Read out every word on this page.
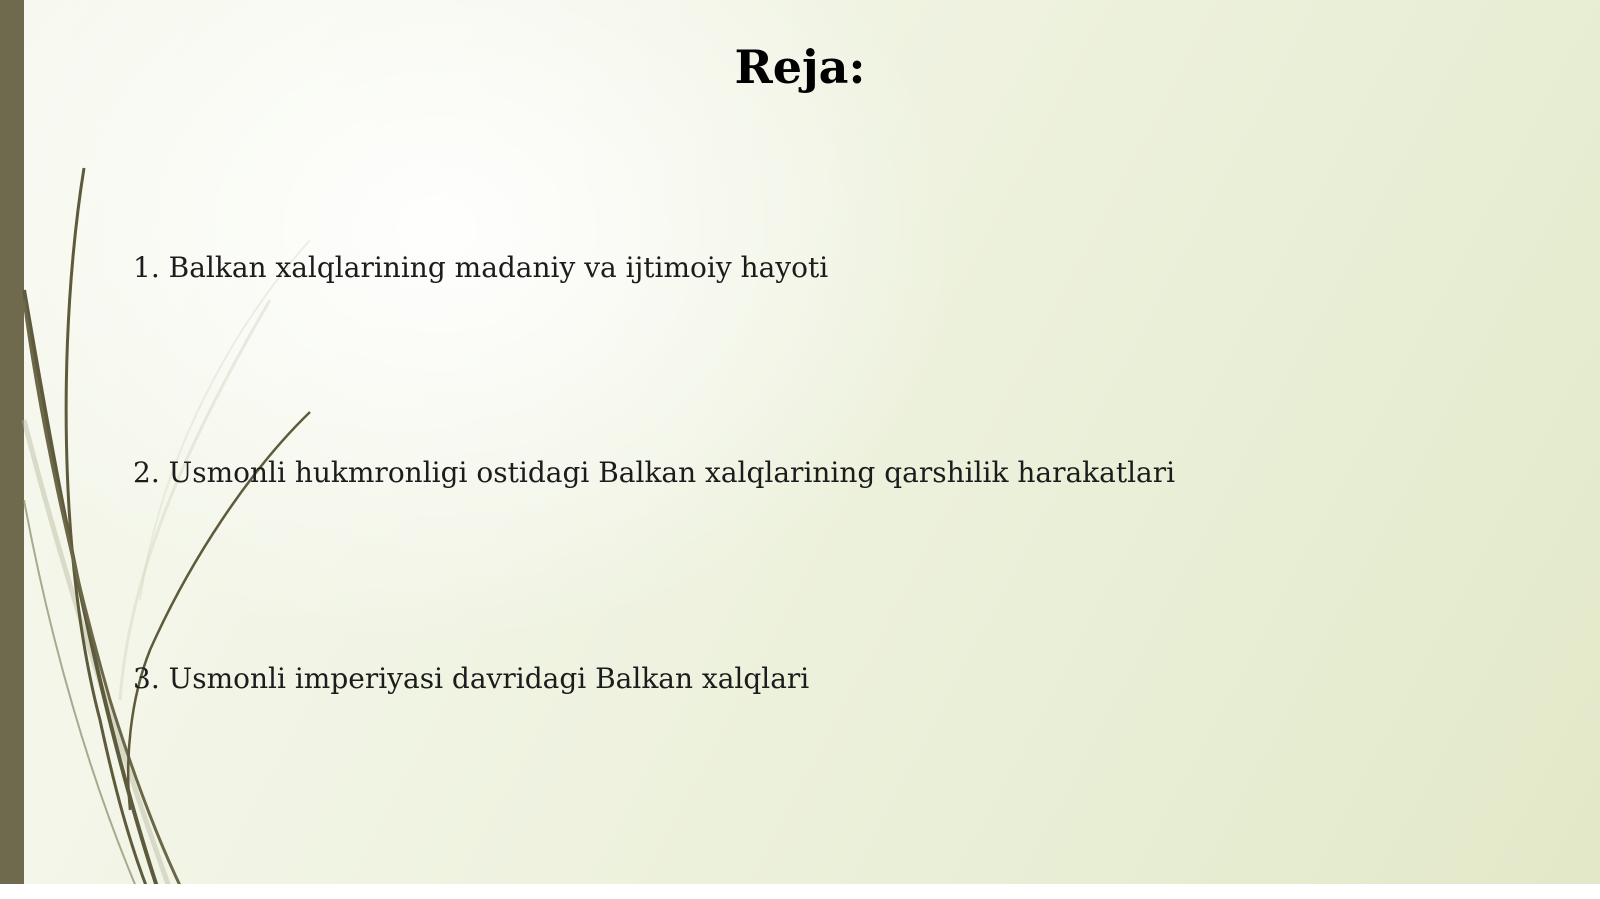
Reja:
1. Balkan xalqlarining madaniy va ijtimoiy hayoti
2. Usmonli hukmronligi ostidagi Balkan xalqlarining qarshilik harakatlari
3. Usmonli imperiyasi davridagi Balkan xalqlari
